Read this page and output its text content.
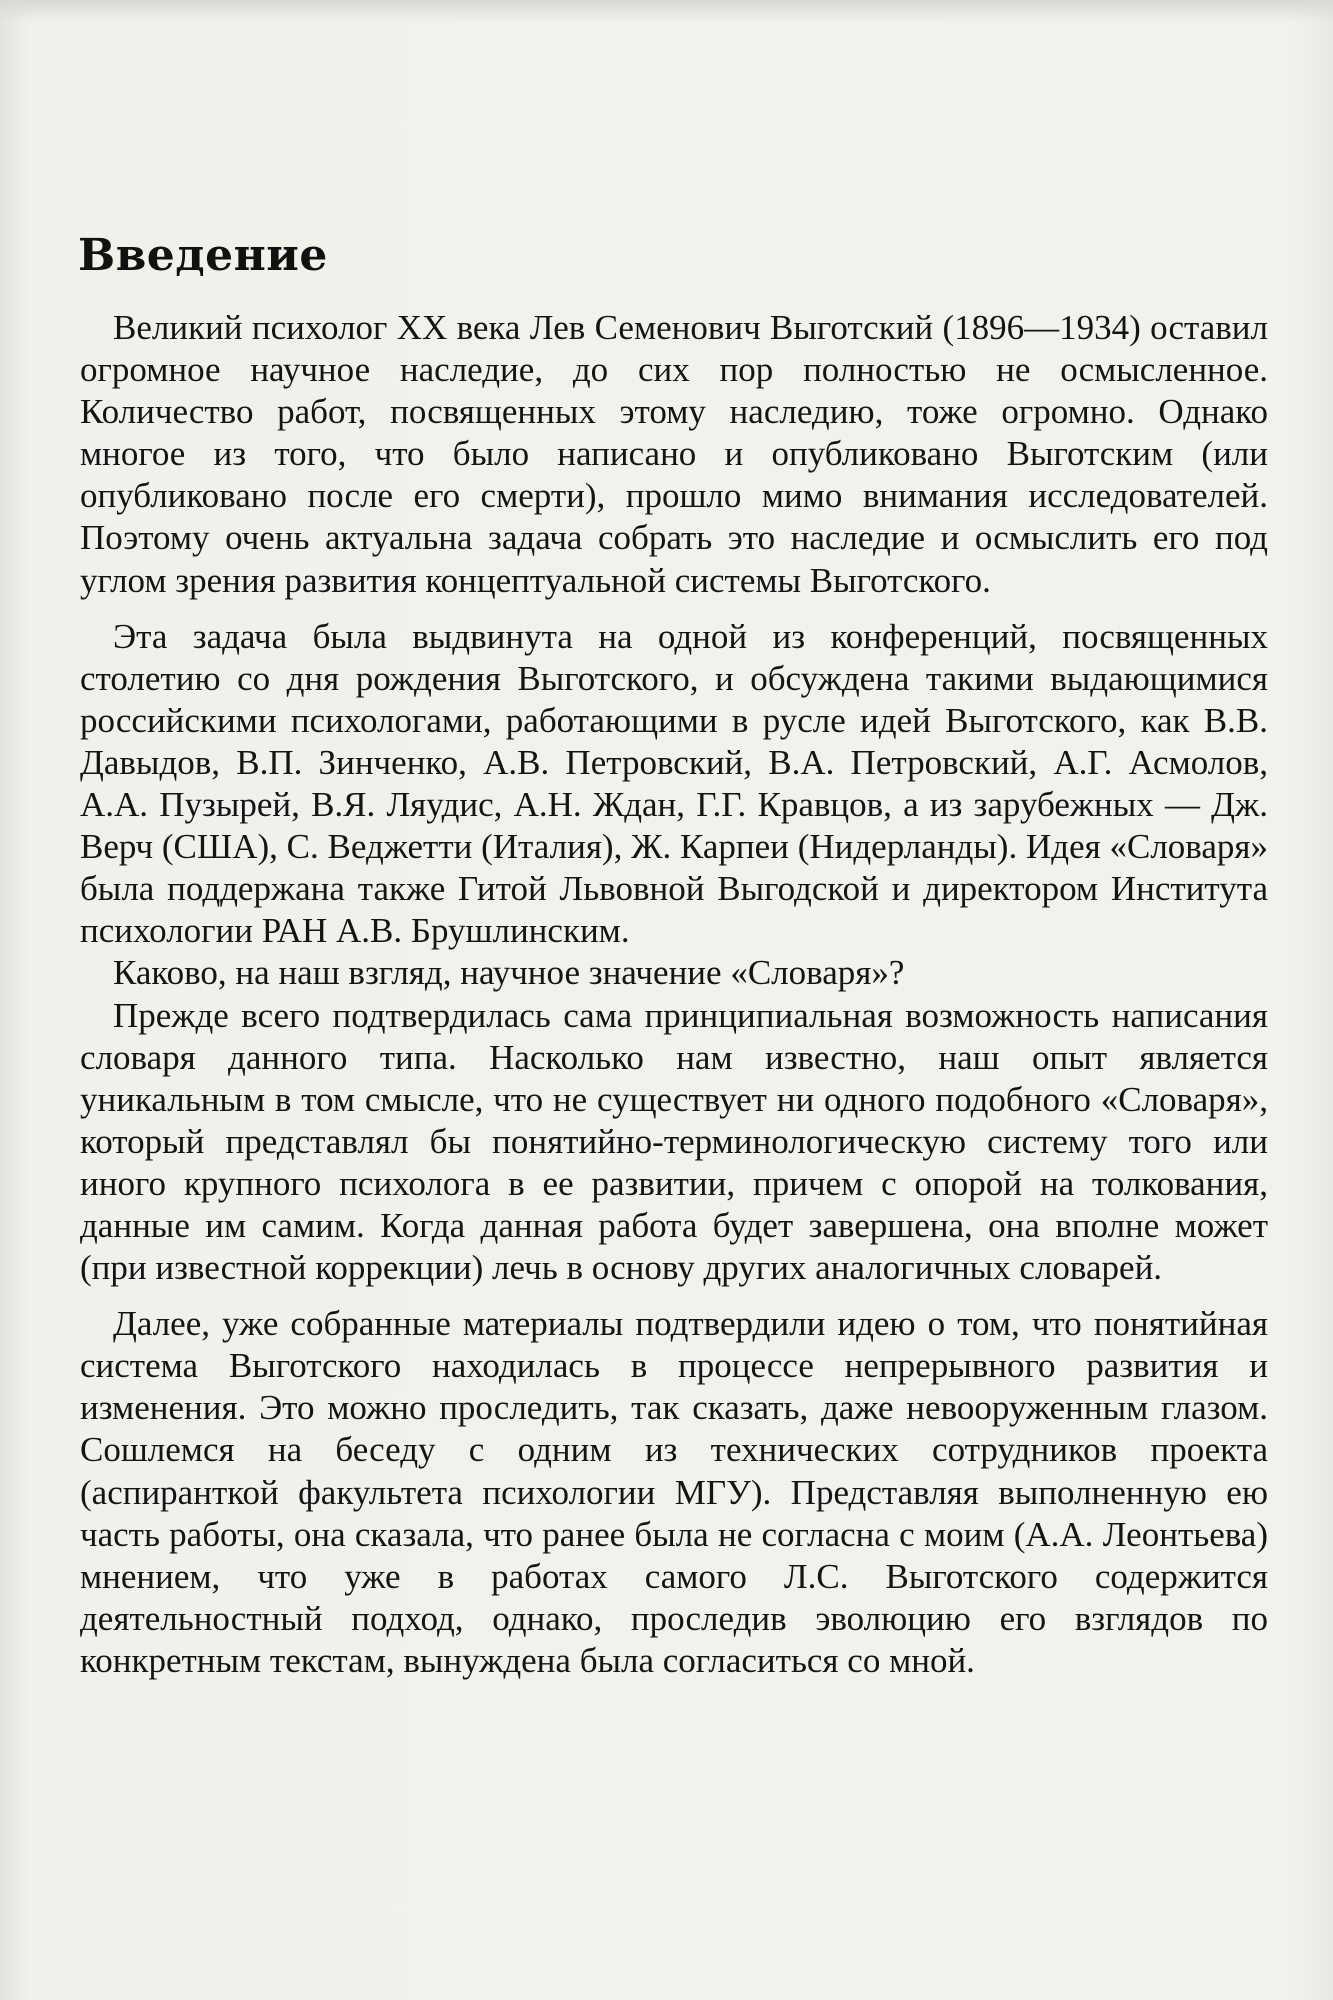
Введение

Великий психолог XX века Лев Семенович Выготский (1896—1934) оставил огромное научное наследие, до сих пор полностью не осмысленное. Количество работ, посвященных этому наследию, тоже огромно. Однако многое из того, что было написано и опубликовано Выготским (или опубликовано после его смерти), прошло мимо внимания исследователей. Поэтому очень актуальна задача собрать это наследие и осмыслить его под углом зрения развития концептуальной системы Выготского.

Эта задача была выдвинута на одной из конференций, посвященных столетию со дня рождения Выготского, и обсуждена такими выдающимися российскими психологами, работающими в русле идей Выготского, как В.В. Давыдов, В.П. Зинченко, А.В. Петровский, В.А. Петровский, А.Г. Асмолов, А.А. Пузырей, В.Я. Ляудис, А.Н. Ждан, Г.Г. Кравцов, а из зарубежных — Дж. Верч (США), С. Веджетти (Италия), Ж. Карпеи (Нидерланды). Идея «Словаря» была поддержана также Гитой Львовной Выгодской и директором Института психологии РАН А.В. Брушлинским.

Каково, на наш взгляд, научное значение «Словаря»?

Прежде всего подтвердилась сама принципиальная возможность написания словаря данного типа. Насколько нам известно, наш опыт является уникальным в том смысле, что не существует ни одного подобного «Словаря», который представлял бы понятийно-терминологическую систему того или иного крупного психолога в ее развитии, причем с опорой на толкования, данные им самим. Когда данная работа будет завершена, она вполне может (при известной коррекции) лечь в основу других аналогичных словарей.

Далее, уже собранные материалы подтвердили идею о том, что понятийная система Выготского находилась в процессе непрерывного развития и изменения. Это можно проследить, так сказать, даже невооруженным глазом. Сошлемся на беседу с одним из технических сотрудников проекта (аспиранткой факультета психологии МГУ). Представляя выполненную ею часть работы, она сказала, что ранее была не согласна с моим (А.А. Леонтьева) мнением, что уже в работах самого Л.С. Выготского содержится деятельностный подход, однако, проследив эволюцию его взглядов по конкретным текстам, вынуждена была согласиться со мной.
